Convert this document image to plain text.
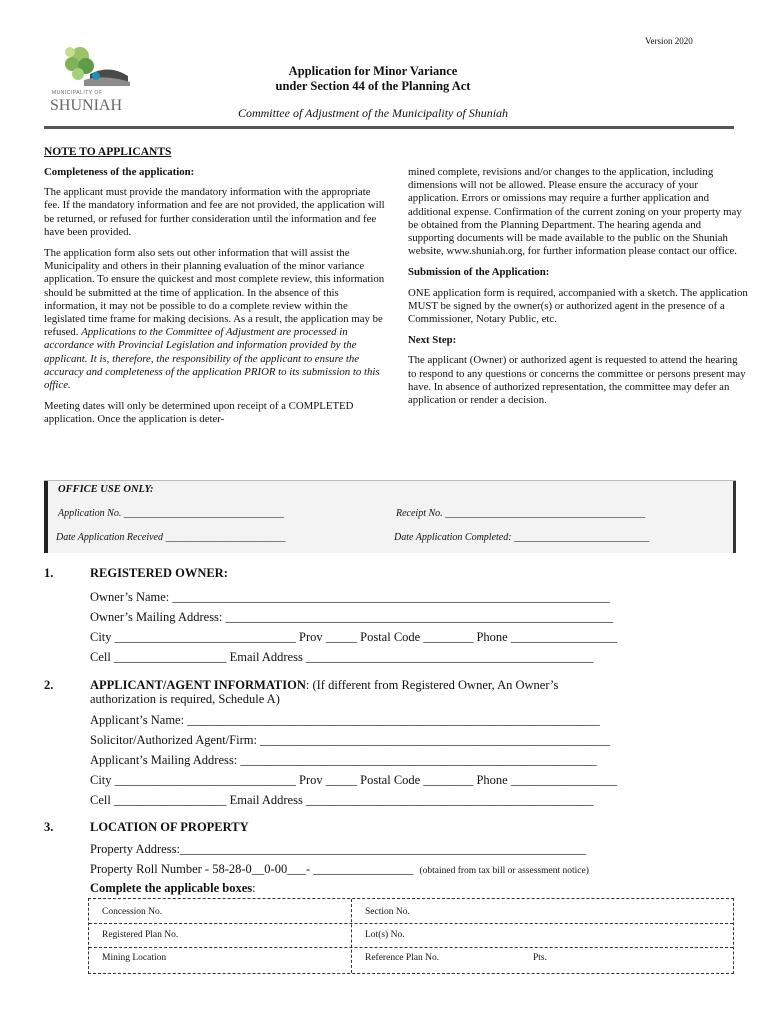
Version 2020
MUNICIPALITY OF
SHUNIAH
Application for Minor Variance
under Section 44 of the Planning Act
Committee of Adjustment of the Municipality of Shuniah
NOTE TO APPLICANTS

Completeness of the application:

The applicant must provide the mandatory information with the appropriate fee. If the mandatory information and fee are not provided, the application will be returned, or refused for further consideration until the information and fee have been provided.

The application form also sets out other information that will assist the Municipality and others in their planning evaluation of the minor variance application. To ensure the quickest and most complete review, this information should be submitted at the time of application. In the absence of this information, it may not be possible to do a complete review within the legislated time frame for making decisions. As a result, the application may be refused. Applications to the Committee of Adjustment are processed in accordance with Provincial Legislation and information provided by the applicant. It is, therefore, the responsibility of the applicant to ensure the accuracy and completeness of the application PRIOR to its submission to this office.

Meeting dates will only be determined upon receipt of a COMPLETED application. Once the application is deter-

mined complete, revisions and/or changes to the application, including dimensions will not be allowed. Please ensure the accuracy of your application. Errors or omissions may require a further application and additional expense. Confirmation of the current zoning on your property may be obtained from the Planning Department. The hearing agenda and supporting documents will be made available to the public on the Shuniah website, www.shuniah.org, for further information please contact our office.

Submission of the Application:

ONE application form is required, accompanied with a sketch. The application MUST be signed by the owner(s) or authorized agent in the presence of a Commissioner, Notary Public, etc.

Next Step:

The applicant (Owner) or authorized agent is requested to attend the hearing to respond to any questions or concerns the committee or persons present may have. In absence of authorized representation, the committee may defer an application or render a decision.

OFFICE USE ONLY:
Application No. ________________________________	Receipt No. ________________________________________
Date Application Received ________________________	Date Application Completed: ___________________________
1.	REGISTERED OWNER:
Owner’s Name: ______________________________________________________________________
Owner’s Mailing Address: ______________________________________________________________
City _____________________________ Prov _____ Postal Code ________ Phone _________________
Cell __________________ Email Address ______________________________________________
2.	APPLICANT/AGENT INFORMATION: (If different from Registered Owner, An Owner’s
authorization is required, Schedule A)
Applicant’s Name: __________________________________________________________________
Solicitor/Authorized Agent/Firm: ________________________________________________________
Applicant’s Mailing Address: _________________________________________________________
City _____________________________ Prov _____ Postal Code ________ Phone _________________
Cell __________________ Email Address ______________________________________________
3.	LOCATION OF PROPERTY
Property Address:_________________________________________________________________
Property Roll Number - 58-28-0__0-00___- ________________ (obtained from tax bill or assessment notice)
Complete the applicable boxes:
Concession No.	Section No.
Registered Plan No.	Lot(s) No.
Mining Location	Reference Plan No.	Pts.
